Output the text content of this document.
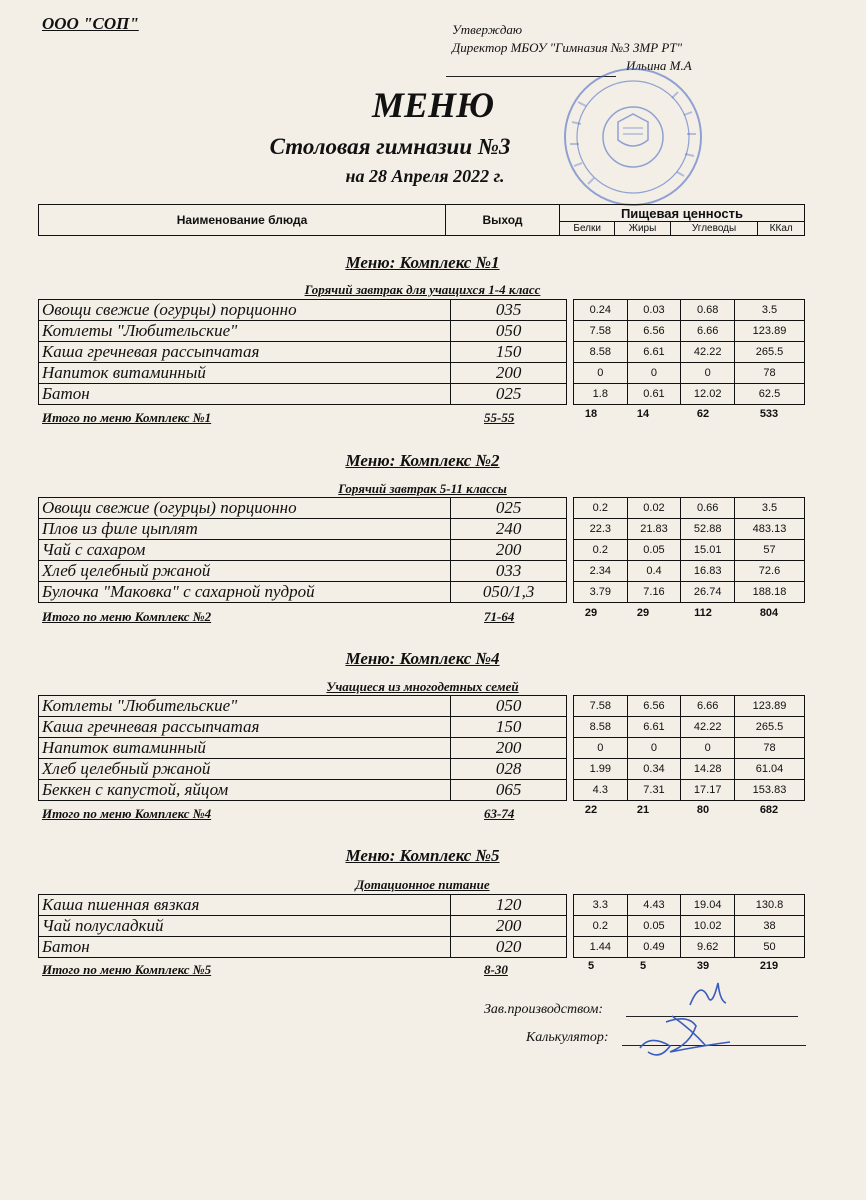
ООО "СОП"	Утверждаю
Директор МБОУ "Гимназия №3 ЗМР РТ"
Ильина М.А
МЕНЮ
Столовая гимназии №3
на 28 Апреля 2022 г.
Наименование блюда	Выход	Пищевая ценность			
		Белки	Жиры	Углеводы	ККал
Меню: Комплекс №1
Горячий завтрак для учащихся 1-4 класс
Овощи свежие (огурцы) порционно	035		0.24	0.03	0.68	3.5
Котлеты "Любительские"	050		7.58	6.56	6.66	123.89
Каша гречневая рассыпчатая	150		8.58	6.61	42.22	265.5
Напиток витаминный	200		0	0	0	78
Батон	025		1.8	0.61	12.02	62.5
Итого по меню Комплекс №1	55-55	18	14	62	533
Меню: Комплекс №2
Горячий завтрак 5-11 классы
Овощи свежие (огурцы) порционно	025		0.2	0.02	0.66	3.5
Плов из филе цыплят	240		22.3	21.83	52.88	483.13
Чай с сахаром	200		0.2	0.05	15.01	57
Хлеб целебный ржаной	033		2.34	0.4	16.83	72.6
Булочка "Маковка" с сахарной пудрой	050/1,3		3.79	7.16	26.74	188.18
Итого по меню Комплекс №2	71-64	29	29	112	804
Меню: Комплекс №4
Учащиеся из многодетных семей
Котлеты "Любительские"	050		7.58	6.56	6.66	123.89
Каша гречневая рассыпчатая	150		8.58	6.61	42.22	265.5
Напиток витаминный	200		0	0	0	78
Хлеб целебный ржаной	028		1.99	0.34	14.28	61.04
Беккен с капустой, яйцом	065		4.3	7.31	17.17	153.83
Итого по меню Комплекс №4	63-74	22	21	80	682
Меню: Комплекс №5
Дотационное питание
Каша пшенная вязкая	120		3.3	4.43	19.04	130.8
Чай полусладкий	200		0.2	0.05	10.02	38
Батон	020		1.44	0.49	9.62	50
Итого по меню Комплекс №5	8-30	5	5	39	219
Зав.производством:
Калькулятор:
